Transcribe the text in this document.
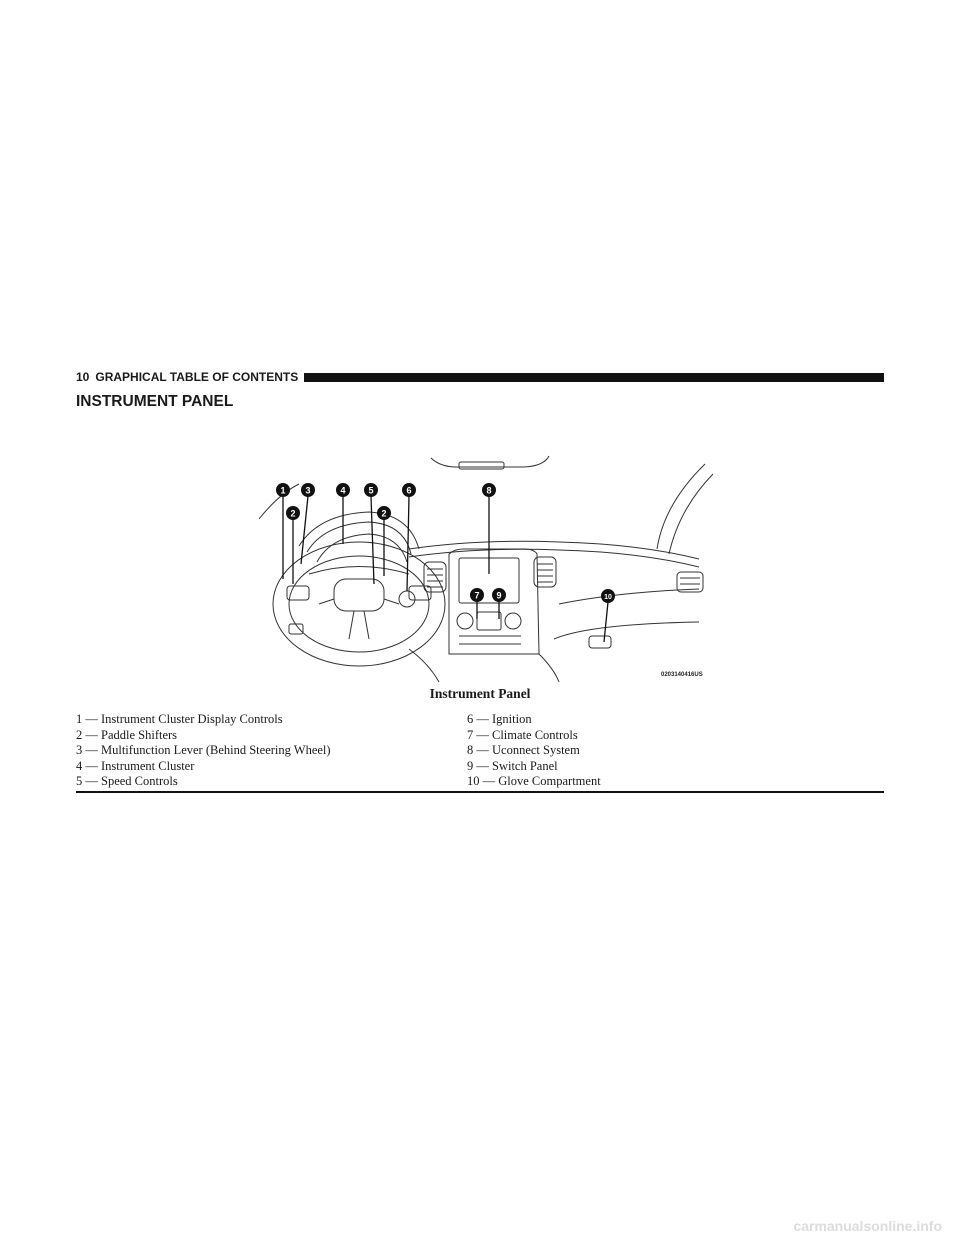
10 GRAPHICAL TABLE OF CONTENTS
INSTRUMENT PANEL
1 3	4	5	6	8
2	2
7 9	10
0203140416US
Instrument Panel
1 — Instrument Cluster Display Controls
2 — Paddle Shifters
3 — Multifunction Lever (Behind Steering Wheel)
4 — Instrument Cluster
5 — Speed Controls
6 — Ignition
7 — Climate Controls
8 — Uconnect System
9 — Switch Panel
10 — Glove Compartment
carmanualsonline.info
